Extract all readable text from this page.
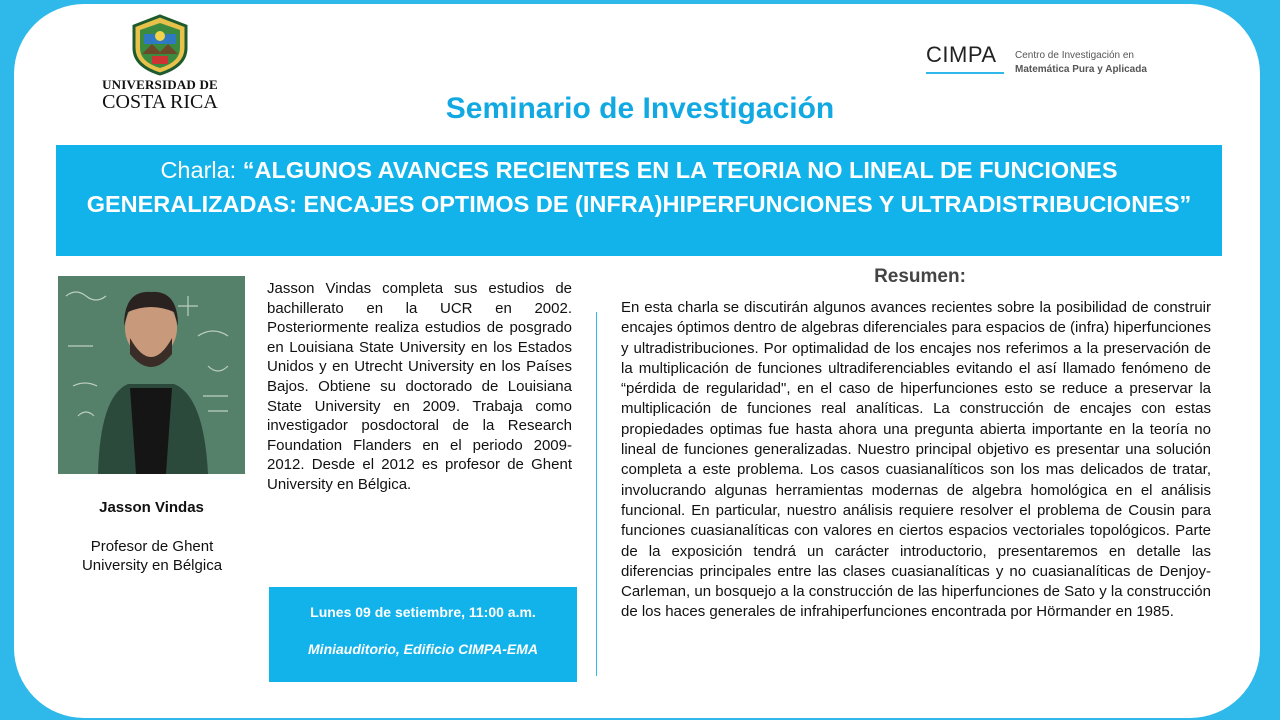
UNIVERSIDAD DE
COSTA RICA
CIMPA Centro de Investigación en
Matemática Pura y Aplicada
Seminario de Investigación
Charla: “ALGUNOS AVANCES RECIENTES EN LA TEORIA NO LINEAL DE FUNCIONES GENERALIZADAS: ENCAJES OPTIMOS DE (INFRA)HIPERFUNCIONES Y ULTRADISTRIBUCIONES”
Jasson Vindas
Profesor de Ghent University en Bélgica
Jasson Vindas completa sus estudios de bachillerato en la UCR en 2002. Posteriormente realiza estudios de posgrado en Louisiana State University en los Estados Unidos y en Utrecht University en los Países Bajos. Obtiene su doctorado de Louisiana State University en 2009. Trabaja como investigador posdoctoral de la Research Foundation Flanders en el periodo 2009-2012. Desde el 2012 es profesor de Ghent University en Bélgica.
Lunes 09 de setiembre, 11:00 a.m.
Miniauditorio, Edificio CIMPA-EMA
Resumen:
En esta charla se discutirán algunos avances recientes sobre la posibilidad de construir encajes óptimos dentro de algebras diferenciales para espacios de (infra) hiperfunciones y ultradistribuciones. Por optimalidad de los encajes nos referimos a la preservación de la multiplicación de funciones ultradiferenciables evitando el así llamado fenómeno de “pérdida de regularidad", en el caso de hiperfunciones esto se reduce a preservar la multiplicación de funciones real analíticas. La construcción de encajes con estas propiedades optimas fue hasta ahora una pregunta abierta importante en la teoría no lineal de funciones generalizadas. Nuestro principal objetivo es presentar una solución completa a este problema. Los casos cuasianalíticos son los mas delicados de tratar, involucrando algunas herramientas modernas de algebra homológica en el análisis funcional. En particular, nuestro análisis requiere resolver el problema de Cousin para funciones cuasianalíticas con valores en ciertos espacios vectoriales topológicos. Parte de la exposición tendrá un carácter introductorio, presentaremos en detalle las diferencias principales entre las clases cuasianalíticas y no cuasianalíticas de Denjoy-Carleman, un bosquejo a la construcción de las hiperfunciones de Sato y la construcción de los haces generales de infrahiperfunciones encontrada por Hörmander en 1985.
